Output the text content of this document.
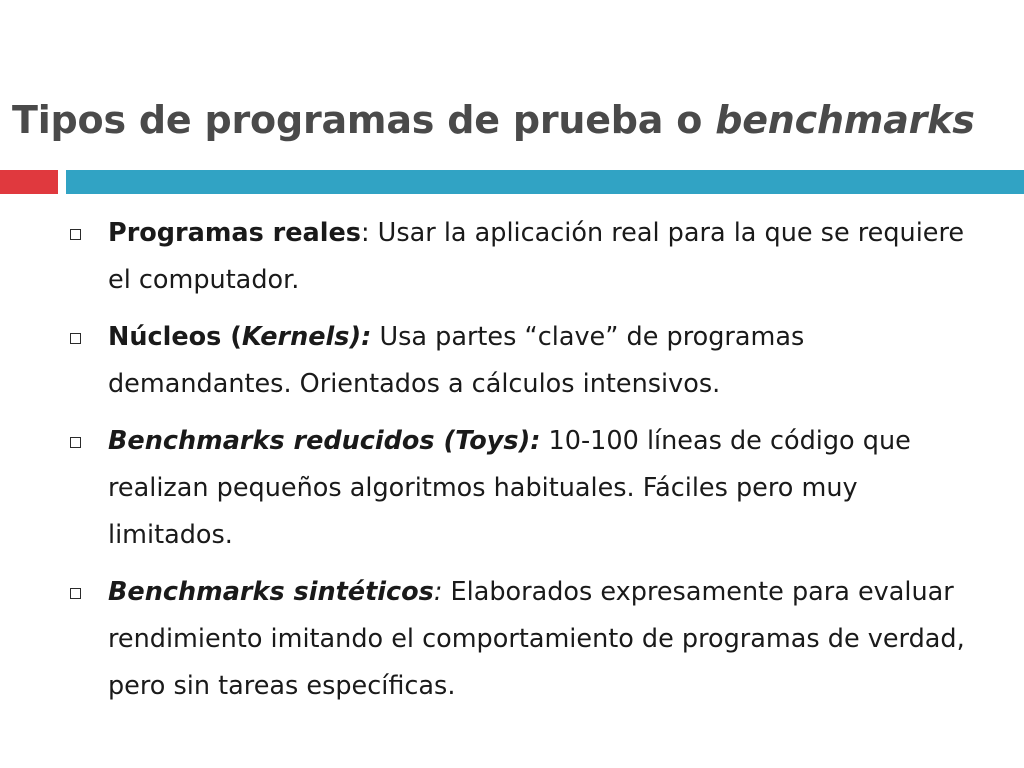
Tipos de programas de prueba o benchmarks
Programas reales: Usar la aplicación real para la que se requiere el computador.
Núcleos (Kernels): Usa partes “clave” de programas demandantes. Orientados a cálculos intensivos.
Benchmarks reducidos (Toys): 10-100 líneas de código que realizan pequeños algoritmos habituales. Fáciles pero muy limitados.
Benchmarks sintéticos: Elaborados expresamente para evaluar rendimiento imitando el comportamiento de programas de verdad, pero sin tareas específicas.
